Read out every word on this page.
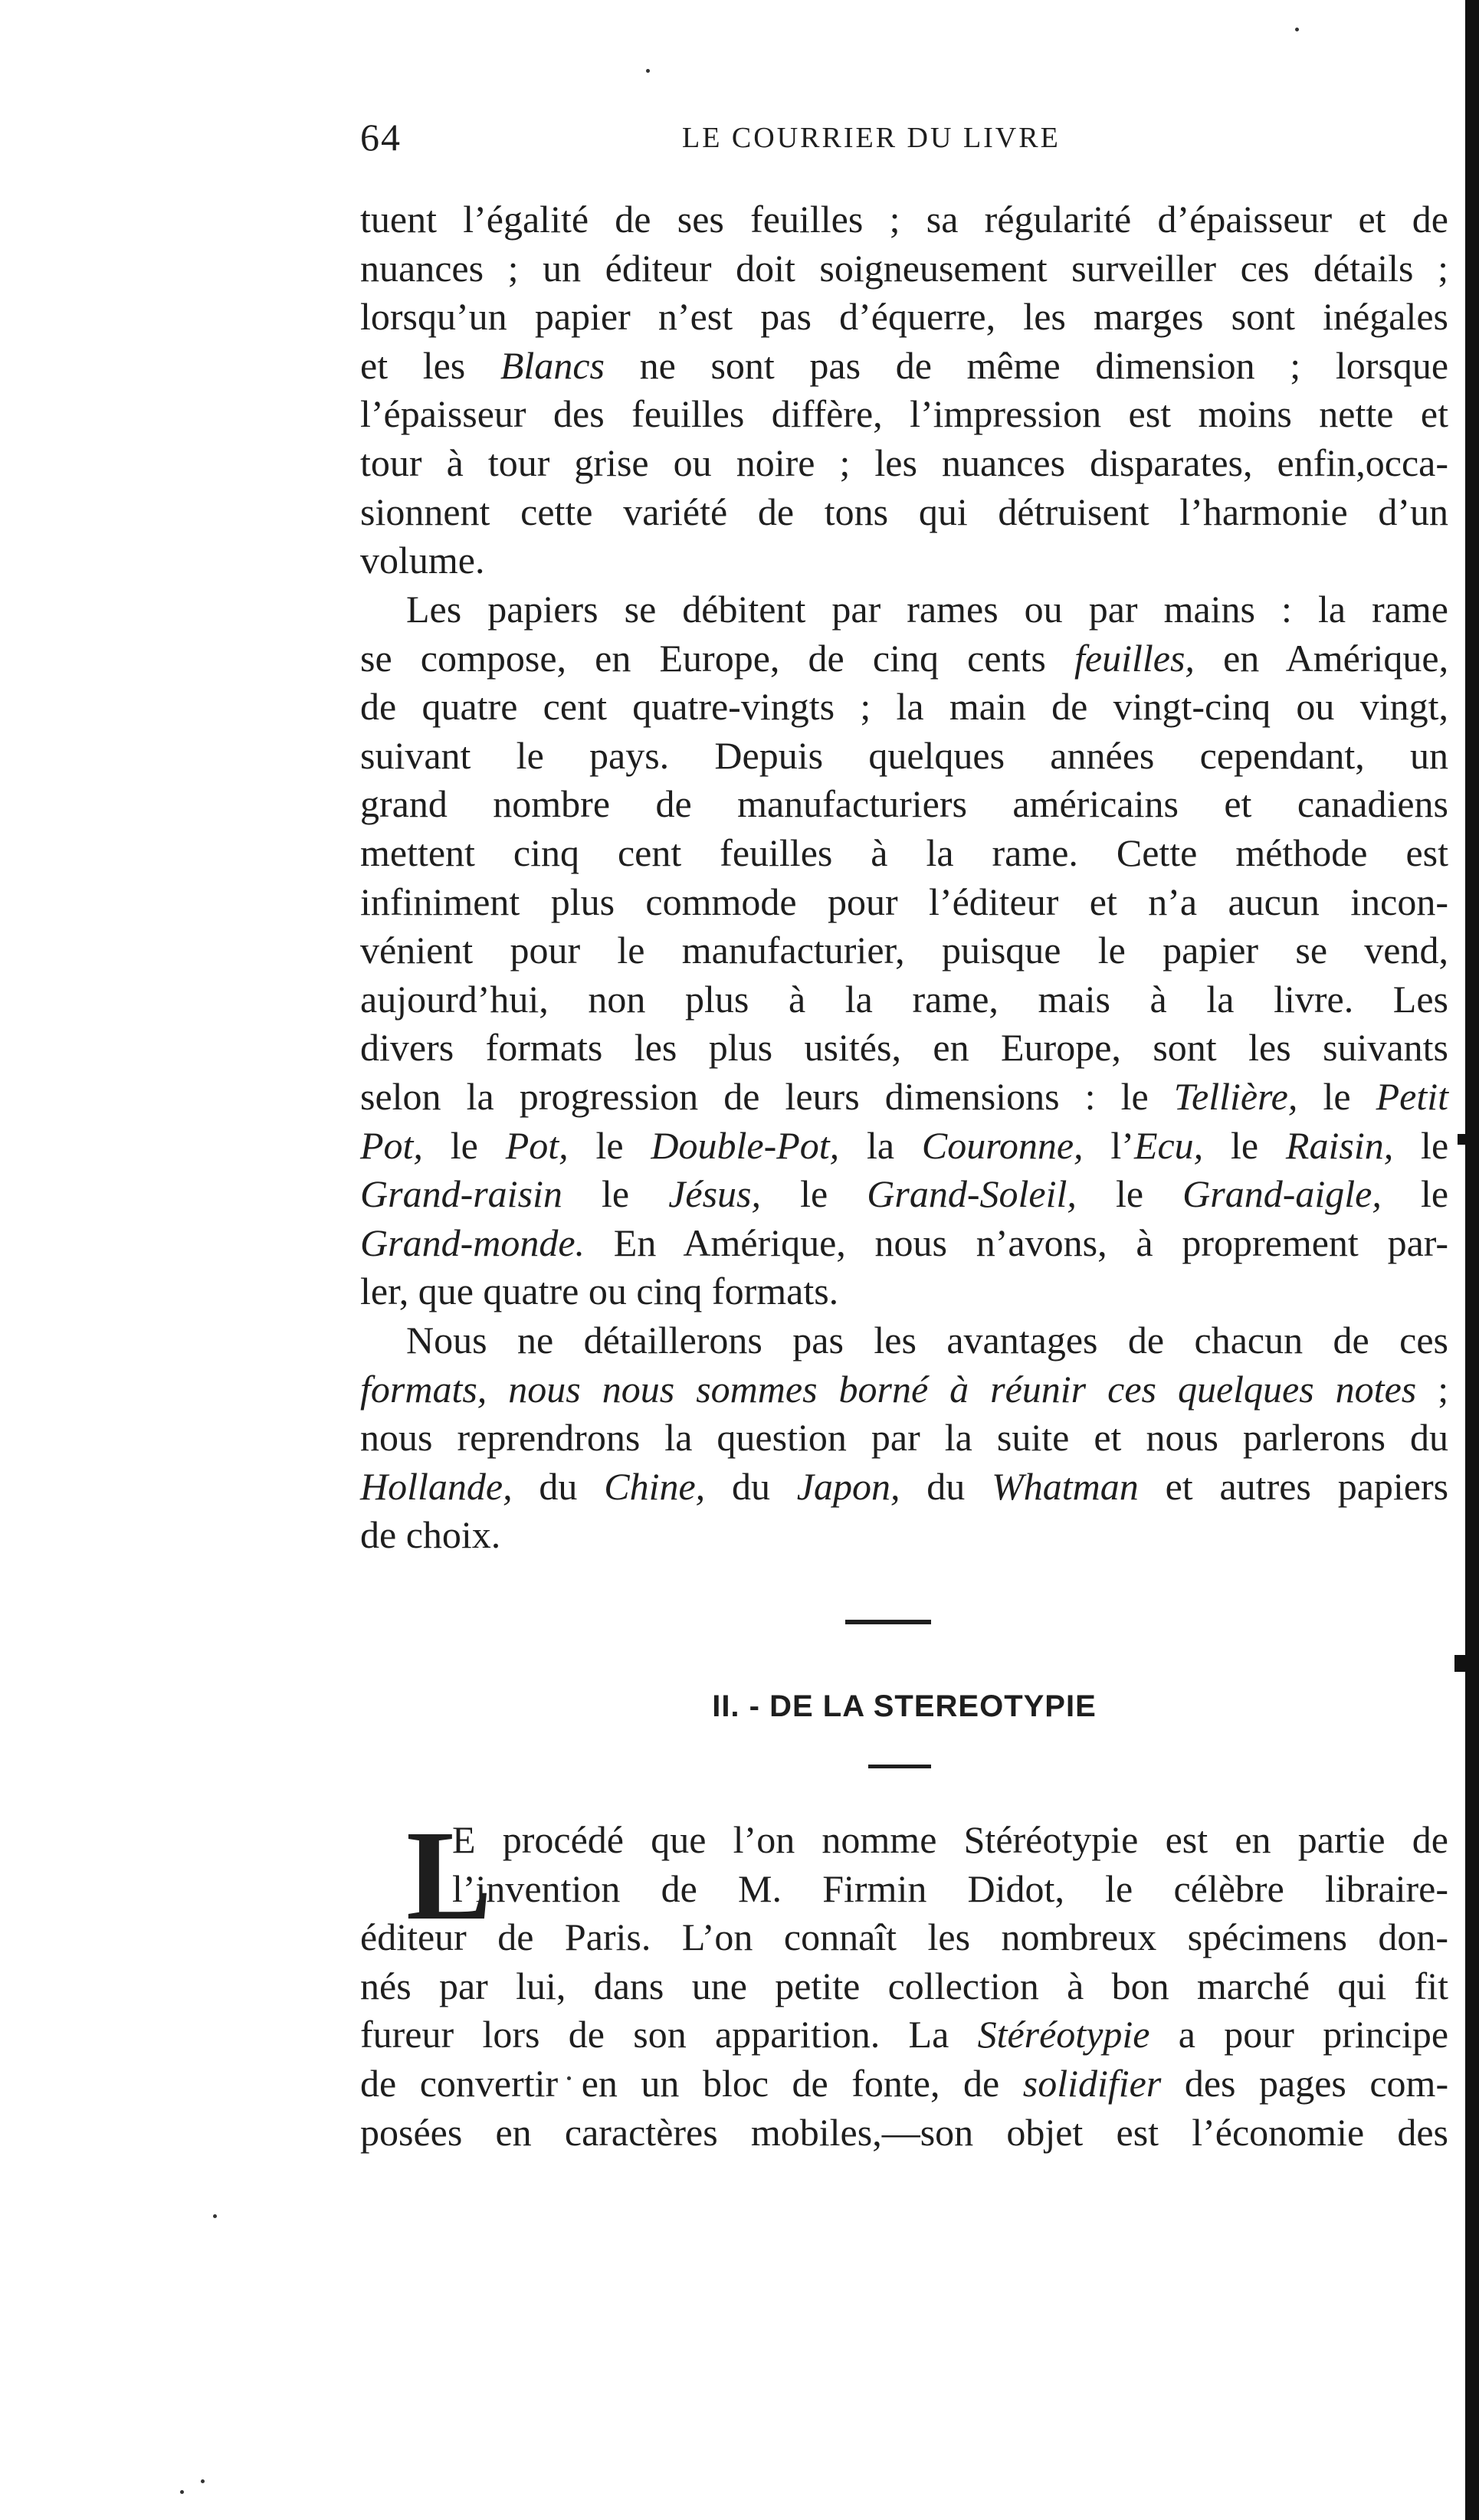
64	LE COURRIER DU LIVRE
tuent l’égalité de ses feuilles ; sa régularité d’épaisseur et de
nuances ; un éditeur doit soigneusement surveiller ces détails ;
lorsqu’un papier n’est pas d’équerre, les marges sont inégales
et les Blancs ne sont pas de même dimension ; lorsque
l’épaisseur des feuilles diffère, l’impression est moins nette et
tour à tour grise ou noire ; les nuances disparates, enfin,occa-
sionnent cette variété de tons qui détruisent l’harmonie d’un
volume.
Les papiers se débitent par rames ou par mains : la rame
se compose, en Europe, de cinq cents feuilles, en Amérique,
de quatre cent quatre-vingts ; la main de vingt-cinq ou vingt,
suivant le pays. Depuis quelques années cependant, un
grand nombre de manufacturiers américains et canadiens
mettent cinq cent feuilles à la rame. Cette méthode est
infiniment plus commode pour l’éditeur et n’a aucun incon-
vénient pour le manufacturier, puisque le papier se vend,
aujourd’hui, non plus à la rame, mais à la livre. Les
divers formats les plus usités, en Europe, sont les suivants
selon la progression de leurs dimensions : le Tellière, le Petit
Pot, le Pot, le Double-Pot, la Couronne, l’Ecu, le Raisin, le
Grand-raisin le Jésus, le Grand-Soleil, le Grand-aigle, le
Grand-monde. En Amérique, nous n’avons, à proprement par-
ler, que quatre ou cinq formats.
Nous ne détaillerons pas les avantages de chacun de ces
formats, nous nous sommes borné à réunir ces quelques notes ;
nous reprendrons la question par la suite et nous parlerons du
Hollande, du Chine, du Japon, du Whatman et autres papiers
de choix.
II. - DE LA STEREOTYPIE
L
E procédé que l’on nomme Stéréotypie est en partie de
l’invention de M. Firmin Didot, le célèbre libraire-
éditeur de Paris. L’on connaît les nombreux spécimens don-
nés par lui, dans une petite collection à bon marché qui fit
fureur lors de son apparition. La Stéréotypie a pour principe
de convertir en un bloc de fonte, de solidifier des pages com-
posées en caractères mobiles,—son objet est l’économie des
